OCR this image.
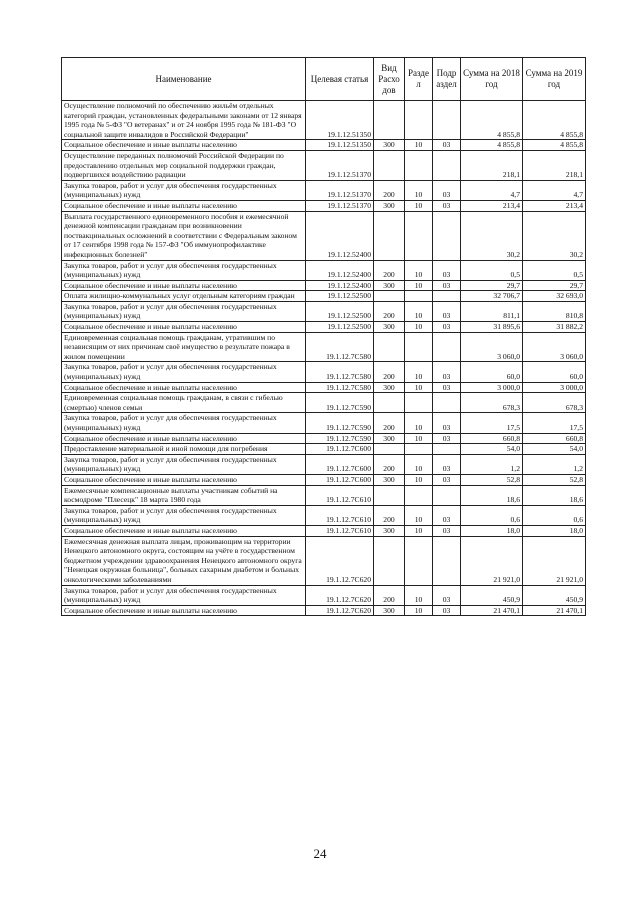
Наименование	Целевая статья	Вид Расхо дов	Разде л	Подр аздел	Сумма на 2018 год	Сумма на 2019 год
Осуществление полномочий по обеспечению жильём отдельных категорий граждан, установленных федеральными законами от 12 января 1995 года № 5-ФЗ "О ветеранах" и от 24 ноября 1995 года № 181-ФЗ "О социальной защите инвалидов в Российской Федерации"	19.1.12.51350				4 855,8	4 855,8
Социальное обеспечение и иные выплаты населению	19.1.12.51350	300	10	03	4 855,8	4 855,8
Осуществление переданных полномочий Российской Федерации по предоставлению отдельных мер социальной поддержки граждан, подвергшихся воздействию радиации	19.1.12.51370				218,1	218,1
Закупка товаров, работ и услуг для обеспечения государственных (муниципальных) нужд	19.1.12.51370	200	10	03	4,7	4,7
Социальное обеспечение и иные выплаты населению	19.1.12.51370	300	10	03	213,4	213,4
Выплата государственного единовременного пособия и ежемесячной денежной компенсации гражданам при возникновении поствакцинальных осложнений в соответствии с Федеральным законом от 17 сентября 1998 года № 157-ФЗ "Об иммунопрофилактике инфекционных болезней"	19.1.12.52400				30,2	30,2
Закупка товаров, работ и услуг для обеспечения государственных (муниципальных) нужд	19.1.12.52400	200	10	03	0,5	0,5
Социальное обеспечение и иные выплаты населению	19.1.12.52400	300	10	03	29,7	29,7
Оплата жилищно-коммунальных услуг отдельным категориям граждан	19.1.12.52500				32 706,7	32 693,0
Закупка товаров, работ и услуг для обеспечения государственных (муниципальных) нужд	19.1.12.52500	200	10	03	811,1	810,8
Социальное обеспечение и иные выплаты населению	19.1.12.52500	300	10	03	31 895,6	31 882,2
Единовременная социальная помощь гражданам, утратившим по независящим от них причинам своё имущество в результате пожара в жилом помещении	19.1.12.7С580				3 060,0	3 060,0
Закупка товаров, работ и услуг для обеспечения государственных (муниципальных) нужд	19.1.12.7С580	200	10	03	60,0	60,0
Социальное обеспечение и иные выплаты населению	19.1.12.7С580	300	10	03	3 000,0	3 000,0
Единовременная социальная помощь гражданам, в связи с гибелью (смертью) членов семьи	19.1.12.7С590				678,3	678,3
Закупка товаров, работ и услуг для обеспечения государственных (муниципальных) нужд	19.1.12.7С590	200	10	03	17,5	17,5
Социальное обеспечение и иные выплаты населению	19.1.12.7С590	300	10	03	660,8	660,8
Предоставление материальной и иной помощи для погребения	19.1.12.7С600				54,0	54,0
Закупка товаров, работ и услуг для обеспечения государственных (муниципальных) нужд	19.1.12.7С600	200	10	03	1,2	1,2
Социальное обеспечение и иные выплаты населению	19.1.12.7С600	300	10	03	52,8	52,8
Ежемесячные компенсационные выплаты участникам событий на космодроме "Плесецк" 18 марта 1980 года	19.1.12.7С610				18,6	18,6
Закупка товаров, работ и услуг для обеспечения государственных (муниципальных) нужд	19.1.12.7С610	200	10	03	0,6	0,6
Социальное обеспечение и иные выплаты населению	19.1.12.7С610	300	10	03	18,0	18,0
Ежемесячная денежная выплата лицам, проживающим на территории Ненецкого автономного округа, состоящим на учёте в государственном бюджетном учреждении здравоохранения Ненецкого автономного округа "Ненецкая окружная больница", больных сахарным диабетом и больных онкологическими заболеваниями	19.1.12.7С620				21 921,0	21 921,0
Закупка товаров, работ и услуг для обеспечения государственных (муниципальных) нужд	19.1.12.7С620	200	10	03	450,9	450,9
Социальное обеспечение и иные выплаты населению	19.1.12.7С620	300	10	03	21 470,1	21 470,1
24
